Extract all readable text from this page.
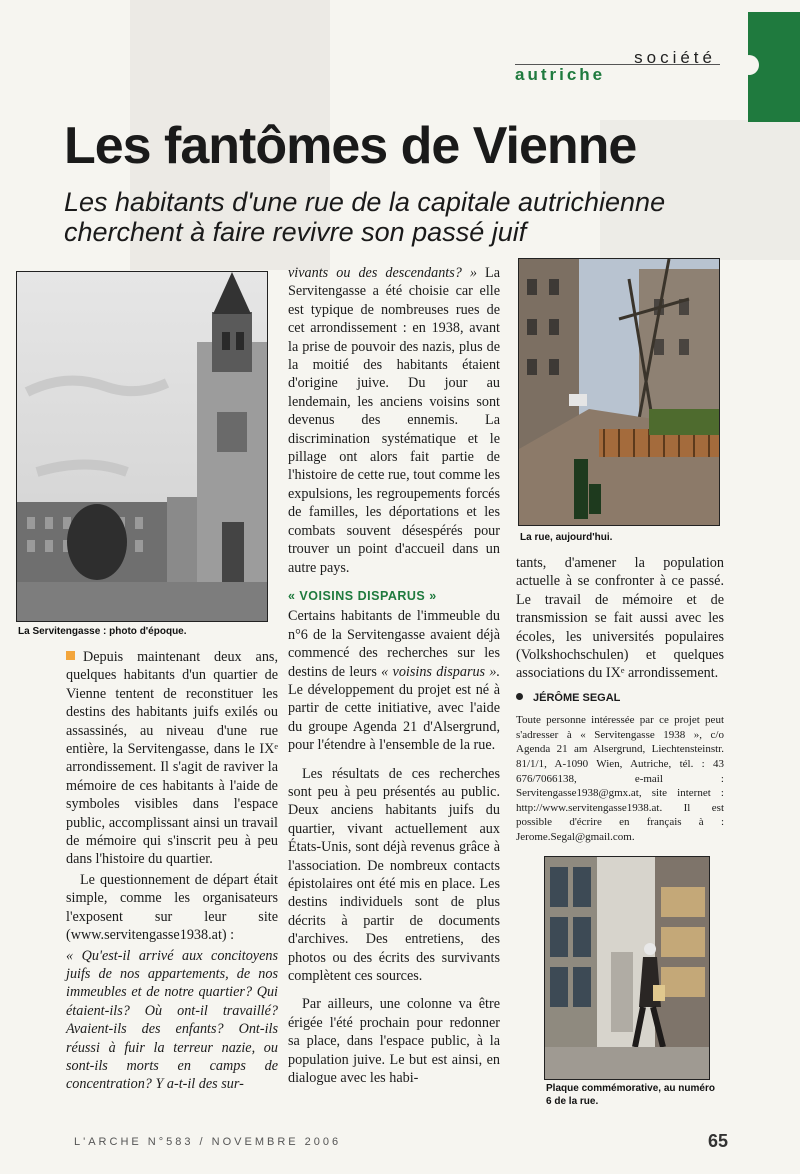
société
autriche
Les fantômes de Vienne

Les habitants d'une rue de la capitale autrichienne cherchent à faire revivre son passé juif

La Servitengasse : photo d'époque.
La rue, aujourd'hui.
Plaque commémorative, au numéro 6 de la rue.

Depuis maintenant deux ans, quelques habitants d'un quartier de Vienne tentent de reconstituer les destins des habitants juifs exilés ou assassinés, au niveau d'une rue entière, la Servitengasse, dans le IXᵉ arrondissement. Il s'agit de raviver la mémoire de ces habitants à l'aide de symboles visibles dans l'espace public, accomplissant ainsi un travail de mémoire qui s'inscrit peu à peu dans l'histoire du quartier.

Le questionnement de départ était simple, comme les organisateurs l'exposent sur leur site (www.servitengasse1938.at) :

« Qu'est-il arrivé aux concitoyens juifs de nos appartements, de nos immeubles et de notre quartier? Qui étaient-ils? Où ont-il travaillé? Avaient-ils des enfants? Ont-ils réussi à fuir la terreur nazie, ou sont-ils morts en camps de concentration? Y a-t-il des sur-

vivants ou des descendants? » La Servitengasse a été choisie car elle est typique de nombreuses rues de cet arrondissement : en 1938, avant la prise de pouvoir des nazis, plus de la moitié des habitants étaient d'origine juive. Du jour au lendemain, les anciens voisins sont devenus des ennemis. La discrimination systématique et le pillage ont alors fait partie de l'histoire de cette rue, tout comme les expulsions, les regroupements forcés de familles, les déportations et les combats souvent désespérés pour trouver un point d'accueil dans un autre pays.

« VOISINS DISPARUS »

Certains habitants de l'immeuble du n°6 de la Servitengasse avaient déjà commencé des recherches sur les destins de leurs « voisins disparus ». Le développement du projet est né à partir de cette initiative, avec l'aide du groupe Agenda 21 d'Alsergrund, pour l'étendre à l'ensemble de la rue.

Les résultats de ces recherches sont peu à peu présentés au public. Deux anciens habitants juifs du quartier, vivant actuellement aux États-Unis, sont déjà revenus grâce à l'association. De nombreux contacts épistolaires ont été mis en place. Les destins individuels sont de plus décrits à partir de documents d'archives. Des entretiens, des photos ou des écrits des survivants complètent ces sources.

Par ailleurs, une colonne va être érigée l'été prochain pour redonner sa place, dans l'espace public, à la population juive. Le but est ainsi, en dialogue avec les habi-

tants, d'amener la population actuelle à se confronter à ce passé. Le travail de mémoire et de transmission se fait aussi avec les écoles, les universités populaires (Volkshochschulen) et quelques associations du IXᵉ arrondissement.

JÉRÔME SEGAL
Toute personne intéressée par ce projet peut s'adresser à « Servitengasse 1938 », c/o Agenda 21 am Alsergrund, Liechtensteinstr. 81/1/1, A-1090 Wien, Autriche, tél. : 43 676/7066138, e-mail : Servitengasse1938@gmx.at, site internet : http://www.servitengasse1938.at. Il est possible d'écrire en français à : Jerome.Segal@gmail.com.
L'ARCHE N°583 / NOVEMBRE 2006	65
